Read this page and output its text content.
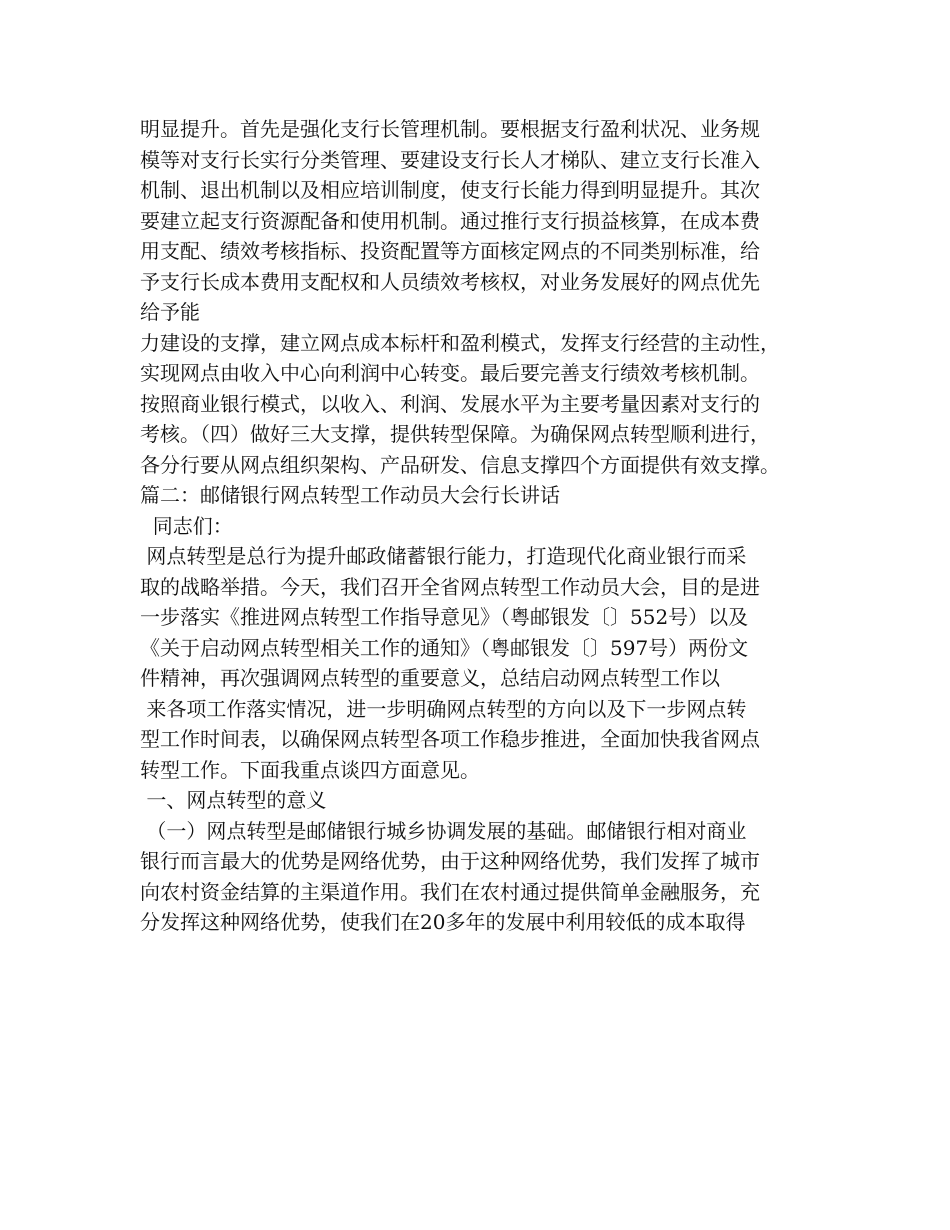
明显提升。首先是强化支行长管理机制。要根据支行盈利状况、业务规
模等对支行长实行分类管理、要建设支行长人才梯队、建立支行长准入
机制、退出机制以及相应培训制度，使支行长能力得到明显提升。其次
要建立起支行资源配备和使用机制。通过推行支行损益核算，在成本费
用支配、绩效考核指标、投资配置等方面核定网点的不同类别标准，给
予支行长成本费用支配权和人员绩效考核权，对业务发展好的网点优先
给予能
力建设的支撑，建立网点成本标杆和盈利模式，发挥支行经营的主动性，
实现网点由收入中心向利润中心转变。最后要完善支行绩效考核机制。
按照商业银行模式，以收入、利润、发展水平为主要考量因素对支行的
考核。（四）做好三大支撑，提供转型保障。为确保网点转型顺利进行，
各分行要从网点组织架构、产品研发、信息支撑四个方面提供有效支撑。
篇二：邮储银行网点转型工作动员大会行长讲话
同志们：
网点转型是总行为提升邮政储蓄银行能力，打造现代化商业银行而采
取的战略举措。今天，我们召开全省网点转型工作动员大会，目的是进
一步落实《推进网点转型工作指导意见》（粤邮银发〔〕552号）以及
《关于启动网点转型相关工作的通知》（粤邮银发〔〕597号）两份文
件精神，再次强调网点转型的重要意义，总结启动网点转型工作以
来各项工作落实情况，进一步明确网点转型的方向以及下一步网点转
型工作时间表，以确保网点转型各项工作稳步推进，全面加快我省网点
转型工作。下面我重点谈四方面意见。
一、网点转型的意义
（一）网点转型是邮储银行城乡协调发展的基础。邮储银行相对商业
银行而言最大的优势是网络优势，由于这种网络优势，我们发挥了城市
向农村资金结算的主渠道作用。我们在农村通过提供简单金融服务，充
分发挥这种网络优势，使我们在20多年的发展中利用较低的成本取得
